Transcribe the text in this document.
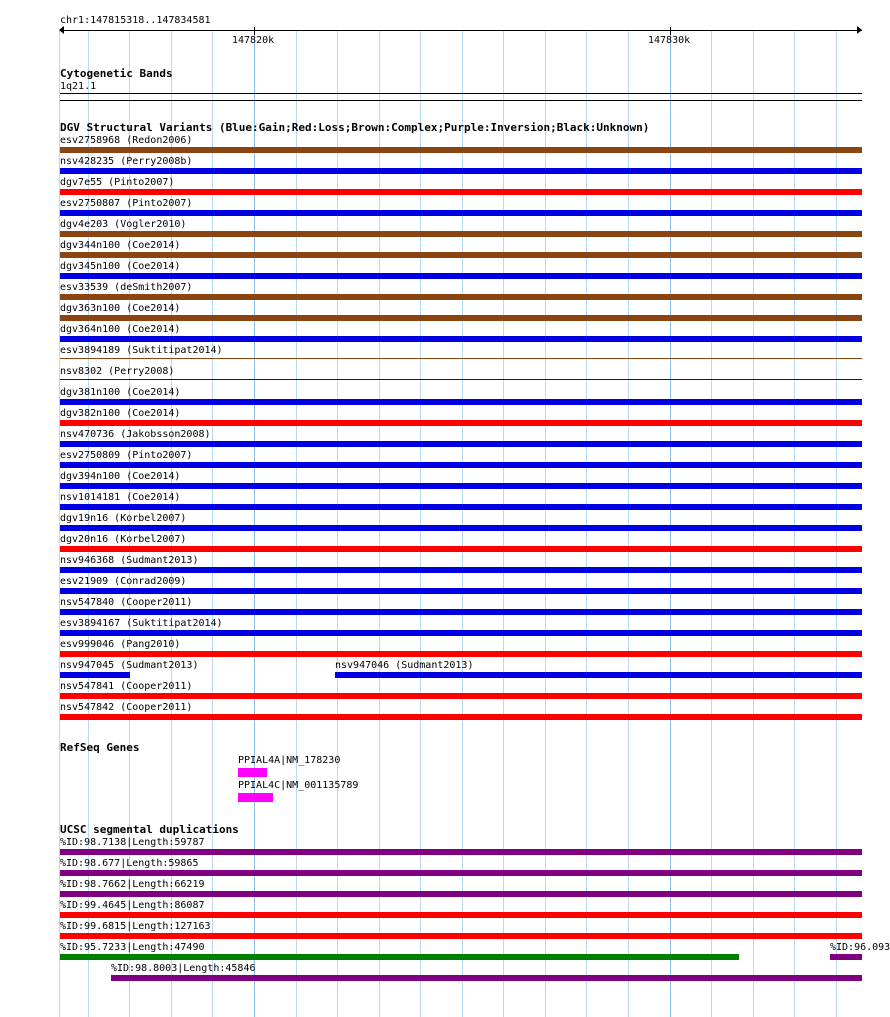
chr1:147815318..147834581
147820k	147830k
Cytogenetic Bands
1q21.1
DGV Structural Variants (Blue:Gain;Red:Loss;Brown:Complex;Purple:Inversion;Black:Unknown)
esv2758968 (Redon2006)
nsv428235 (Perry2008b)
dgv7e55 (Pinto2007)
esv2750807 (Pinto2007)
dgv4e203 (Vogler2010)
dgv344n100 (Coe2014)
dgv345n100 (Coe2014)
esv33539 (deSmith2007)
dgv363n100 (Coe2014)
dgv364n100 (Coe2014)
esv3894189 (Suktitipat2014)
nsv8302 (Perry2008)
dgv381n100 (Coe2014)
dgv382n100 (Coe2014)
nsv470736 (Jakobsson2008)
esv2750809 (Pinto2007)
dgv394n100 (Coe2014)
nsv1014181 (Coe2014)
dgv19n16 (Korbel2007)
dgv20n16 (Korbel2007)
nsv946368 (Sudmant2013)
esv21909 (Conrad2009)
nsv547840 (Cooper2011)
esv3894167 (Suktitipat2014)
esv999046 (Pang2010)
nsv947045 (Sudmant2013)	nsv947046 (Sudmant2013)
nsv547841 (Cooper2011)
nsv547842 (Cooper2011)
RefSeq Genes
PPIAL4A|NM_178230
PPIAL4C|NM_001135789
UCSC segmental duplications
%ID:98.7138|Length:59787
%ID:98.677|Length:59865
%ID:98.7662|Length:66219
%ID:99.4645|Length:86087
%ID:99.6815|Length:127163
%ID:95.7233|Length:47490	%ID:96.093
%ID:98.8003|Length:45846
